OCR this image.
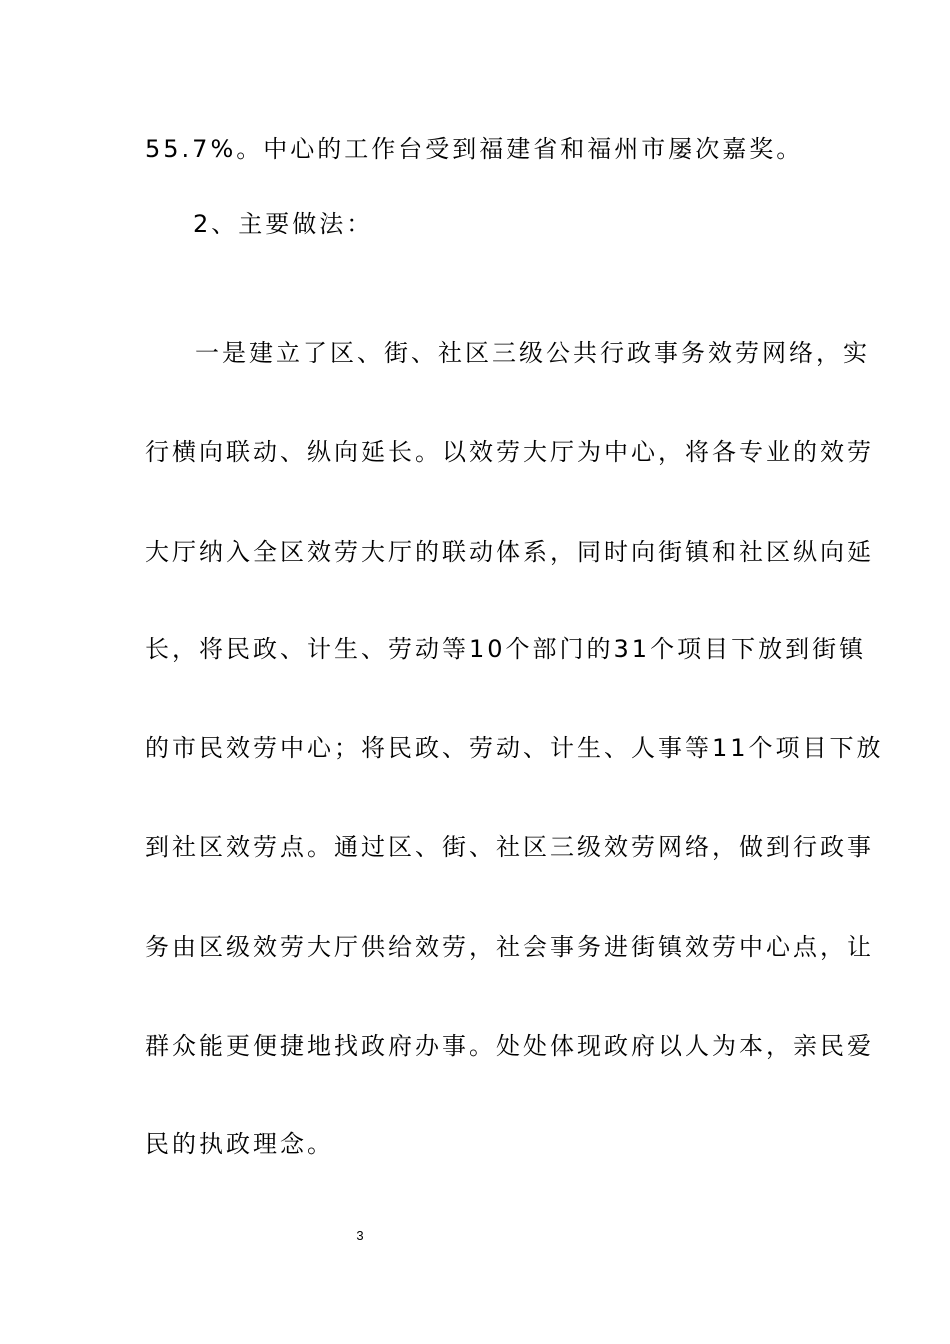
55.7%。中心的工作台受到福建省和福州市屡次嘉奖。
2、主要做法：
一是建立了区、街、社区三级公共行政事务效劳网络，实
行横向联动、纵向延长。以效劳大厅为中心，将各专业的效劳
大厅纳入全区效劳大厅的联动体系，同时向街镇和社区纵向延
长，将民政、计生、劳动等10个部门的31个项目下放到街镇
的市民效劳中心；将民政、劳动、计生、人事等11个项目下放
到社区效劳点。通过区、街、社区三级效劳网络，做到行政事
务由区级效劳大厅供给效劳，社会事务进街镇效劳中心点，让
群众能更便捷地找政府办事。处处体现政府以人为本，亲民爱
民的执政理念。
3
